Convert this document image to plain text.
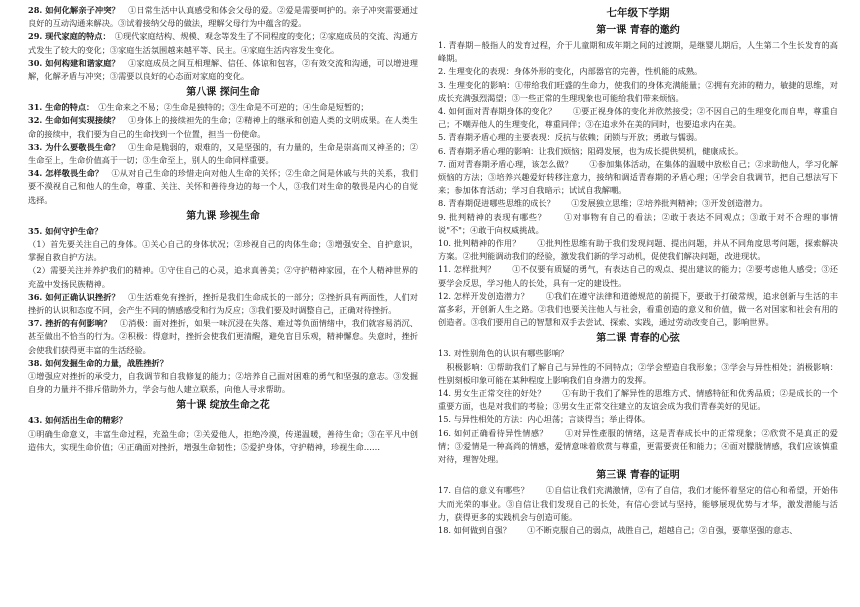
28. 如何化解亲子冲突？　 ①日常生活中认真感受和体会父母的爱。②爱是需要呵护的。亲子冲突需要通过良好的互动沟通来解决。③试着接纳父母的做法，理解父母行为中蕴含的爱。

29. 现代家庭的特点：　 ①现代家庭结构、规模、观念等发生了不同程度的变化；②家庭成员的交流、沟通方式发生了较大的变化；③家庭生活氛围越来越平等、民主。④家庭生活内容发生变化。

30. 如何构建和谐家庭？　 ①家庭成员之间互相理解、信任、体谅和包容，②有效交流和沟通，可以增进理解，化解矛盾与冲突；③需要以良好的心态面对家庭的变化。

第八课 探问生命

31. 生命的特点：　 ①生命来之不易；②生命是独特的；③生命是不可逆的；④生命是短暂的；

32. 生命如何实现接续？　 ①身体上的接续袒先的生命；②精神上的继承和创造人类的文明成果。在人类生命的接续中，我们要为自己的生命找到一个位置，担当一份使命。

33. 为什么要敬畏生命？　 ①生命是脆弱的，艰难的，又是坚强的，有力量的，生命是崇高而又神圣的；②生命至上，生命价值高于一切；③生命至上，别人的生命同样重要。

34. 怎样敬畏生命？　 ①从对自己生命的珍惜走向对他人生命的关怀；②生命之间是休戚与共的关系，我们要不漠视自己和他人的生命，尊重、关注、关怀和善待身边的每一个人，③我们对生命的敬畏是内心的自觉选择。

第九课 珍视生命

35. 如何守护生命？　

（1）首先要关注自己的身体。①关心自己的身体状况；②珍视自己的肉体生命；③增强安全、自护意识，掌握自救自护方法。

（2）需要关注并养护我们的精神。①守住自己的心灵，追求真善美；②守护精神家园，在个人精神世界的充盈中发扬民族精神。

36. 如何正确认识挫折？　 ①生活难免有挫折，挫折是我们生命成长的一部分；②挫折具有两面性，人们对挫折的认识和态度不同，会产生不同的情感感受和行为反应；③我们要及时调整自己，正确对待挫折。

37. 挫折的有何影响？　 ①消极：面对挫折，如果一味沉浸在失落、难过等负面情绪中，我们就容易消沉、甚至做出不恰当的行为。②积极：得意时，挫折会使我们更清醒，避免盲目乐观，精神懈怠。失意时，挫折会使我们获得更丰富的生活经验。

38. 如何发掘生命的力量，战胜挫折？　

①增强应对挫折的承受力，自我调节和自我修复的能力；②培养自己面对困难的勇气和坚强的意志。③发掘自身的力量并不排斥借助外力，学会与他人建立联系，向他人寻求帮助。

第十课 绽放生命之花

43. 如何活出生命的精彩？　

①明确生命意义，丰富生命过程，充盈生命；②关爱他人，拒绝冷漠，传递温暖，善待生命；③在平凡中创造伟大，实现生命价值；④正确面对挫折，增强生命韧性；⑤爱护身体，守护精神，珍视生命……

七年级下学期
第一课 青春的邀约

1. 青春期－般指人的发育过程，介于儿童期和成年期之间的过渡期，是继婴儿期后，人生第二个生长发育的高峰期。

2. 生理变化的表现：身体外形的变化，内部器官的完善，性机能的成熟。

3. 生理变化的影响：①带给我们旺盛的生命力，使我们的身体充满能量；②拥有充沛的精力，敏捷的思维，对成长充满强烈渴望；③一些正常的生理现象也可能给我们带来烦恼。

4. 如何面对青春期身体的变化？　　①要正视身体的变化并欣然接受；②不因自己的生理变化而自卑，尊重自己；不嘲弄他人的生理变化，尊重同伴；③在追求外在美的同时，也要追求内在美。

5. 青春期矛盾心理的主要表现：反抗与依赖；闭锁与开放；勇敢与懦弱。

6. 青春期矛盾心理的影响：让我们烦恼；阻碍发展，也为成长提供契机，健康成长。

7. 面对青春期矛盾心理，该怎么做？　　①参加集体活动，在集体的温暖中放松自己；②求助他人，学习化解烦恼的方法；③培养兴趣爱好转移注意力，接纳和调适青春期的矛盾心理；④学会自我调节，把自己想法写下来；参加体育活动；学习自我暗示；试试自我解嘲。

8. 青春期促进哪些思维的成长？　　①发展独立思维；②培养批判精神；③开发创造潜力。

9. 批判精神的表现有哪些？　　①对事物有自己的看法；②敢于表达不同观点；③敢于对不合理的事情说"不"；④敢于向权威挑战。

10. 批判精神的作用？　　①批判性思维有助于我们发现问题、提出问题，并从不同角度思考问题，探索解决方案。②批判能调动我们的经验，激发我们新的学习动机，促使我们解决问题，改进现状。

11. 怎样批判？　　①不仅要有质疑的勇气，有表达自己的观点、提出建议的能力；②要考虑他人感受；③还要学会反思，学习他人的长处，具有一定的建设性。

12. 怎样开发创造潜力？　　①我们在遵守法律和道德规范的前提下，要敢于打破常规，追求创新与生活的丰富多彩，开创新人生之路。②我们也要关注他人与社会，看重创造的意义和价值，做一名对国家和社会有用的创造者。③我们要用自己的智慧和双手去尝试、探索、实践，通过劳动改变自己，影响世界。

第二课 青春的心弦

13. 对性别角色的认识有哪些影响？

　积极影响：①帮助我们了解自己与异性的不同特点；②学会塑造自我形象；③学会与异性相处；消极影响：性别刻板印象可能在某种程度上影响我们自身潜力的发挥。

14. 男女生正常交往的好处？　　①有助于我们了解异性的思维方式、情感特征和优秀品质；②是成长的一个重要方面，也是对我们的考验；③男女生正常交往建立的友谊会成为我们青春美好的见证。

15. 与异性相处的方法：内心坦荡；言谈得当；举止得体。

16. 如何正确看待异性情感？　　①对异性產服的情绪，这是青春成长中的正常现象；②欣赏不是真正的爱情；③爱情是一种高尚的情感，爱情意味着欣赏与尊重，更需要责任和能力；④面对朦胧情感，我们应该慎重对待，理智处理。

第三课 青春的证明

17. 自信的意义有哪些？　　①自信让我们充满激情，②有了自信，我们才能怀着坚定的信心和希望，开始伟大而光荣的事业。③自信让我们发现自己的长处，有信心尝试与坚持，能够展现优势与才华，激发潜能与活力，获得更多的实践机会与创造可能。

18. 如何做到自强？　　①不断克服自己的弱点，战胜自己，超越自己；②自强，要靠坚强的意志、
